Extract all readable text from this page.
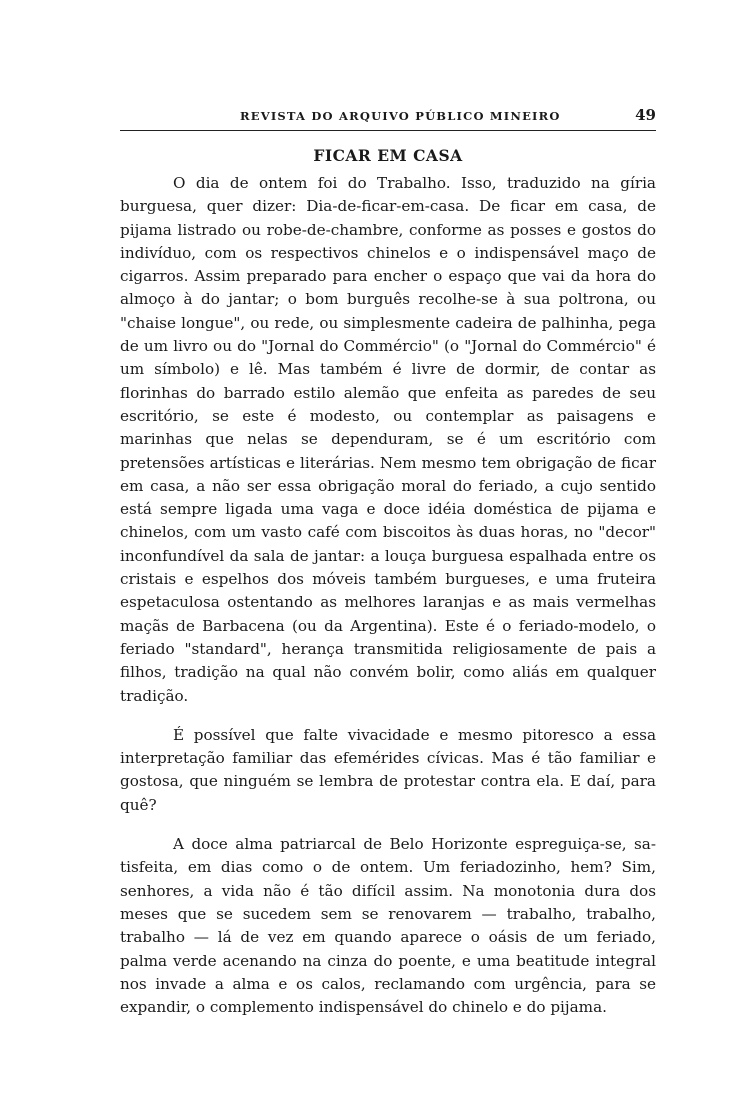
REVISTA DO ARQUIVO PÚBLICO MINEIRO	49
FICAR EM CASA

O dia de ontem foi do Trabalho. Isso, traduzido na gíria burguesa, quer dizer: Dia-de-ficar-em-casa. De ficar em casa, de pijama listrado ou robe-de-chambre, conforme as posses e gostos do indivíduo, com os respectivos chinelos e o indispensável maço de cigarros. Assim preparado para encher o espaço que vai da hora do almoço à do jantar; o bom burguês recolhe-se à sua poltrona, ou "chaise longue", ou rede, ou simplesmente cadeira de palhinha, pega de um livro ou do "Jornal do Commércio" (o "Jornal do Commércio" é um símbolo) e lê. Mas também é livre de dormir, de contar as florinhas do barrado estilo alemão que enfeita as paredes de seu escritório, se este é modesto, ou contemplar as paisagens e marinhas que nelas se dependuram, se é um escritório com pretensões artísticas e literárias. Nem mesmo tem obrigação de ficar em casa, a não ser essa obrigação moral do feriado, a cujo sentido está sempre ligada uma vaga e doce idéia doméstica de pijama e chinelos, com um vasto café com biscoitos às duas horas, no "decor" inconfundível da sala de jantar: a louça burguesa espalhada entre os cristais e espelhos dos móveis também burgueses, e uma fruteira espetaculosa ostentando as melhores laranjas e as mais vermelhas maçãs de Barbacena (ou da Argentina). Este é o feriado-modelo, o feriado "standard", herança transmitida religiosamente de pais a filhos, tradição na qual não convém bolir, como aliás em qualquer tradição.

É possível que falte vivacidade e mesmo pitoresco a essa interpretação familiar das efemérides cívicas. Mas é tão familiar e gostosa, que ninguém se lembra de protestar contra ela. E daí, para quê?

A doce alma patriarcal de Belo Horizonte espreguiça-se, satisfeita, em dias como o de ontem. Um feriadozinho, hem? Sim, senhores, a vida não é tão difícil assim. Na monotonia dura dos meses que se sucedem sem se renovarem — trabalho, trabalho, trabalho — lá de vez em quando aparece o oásis de um feriado, palma verde acenando na cinza do poente, e uma beatitude integral nos invade a alma e os calos, reclamando com urgência, para se expandir, o complemento indispensável do chinelo e do pijama.
